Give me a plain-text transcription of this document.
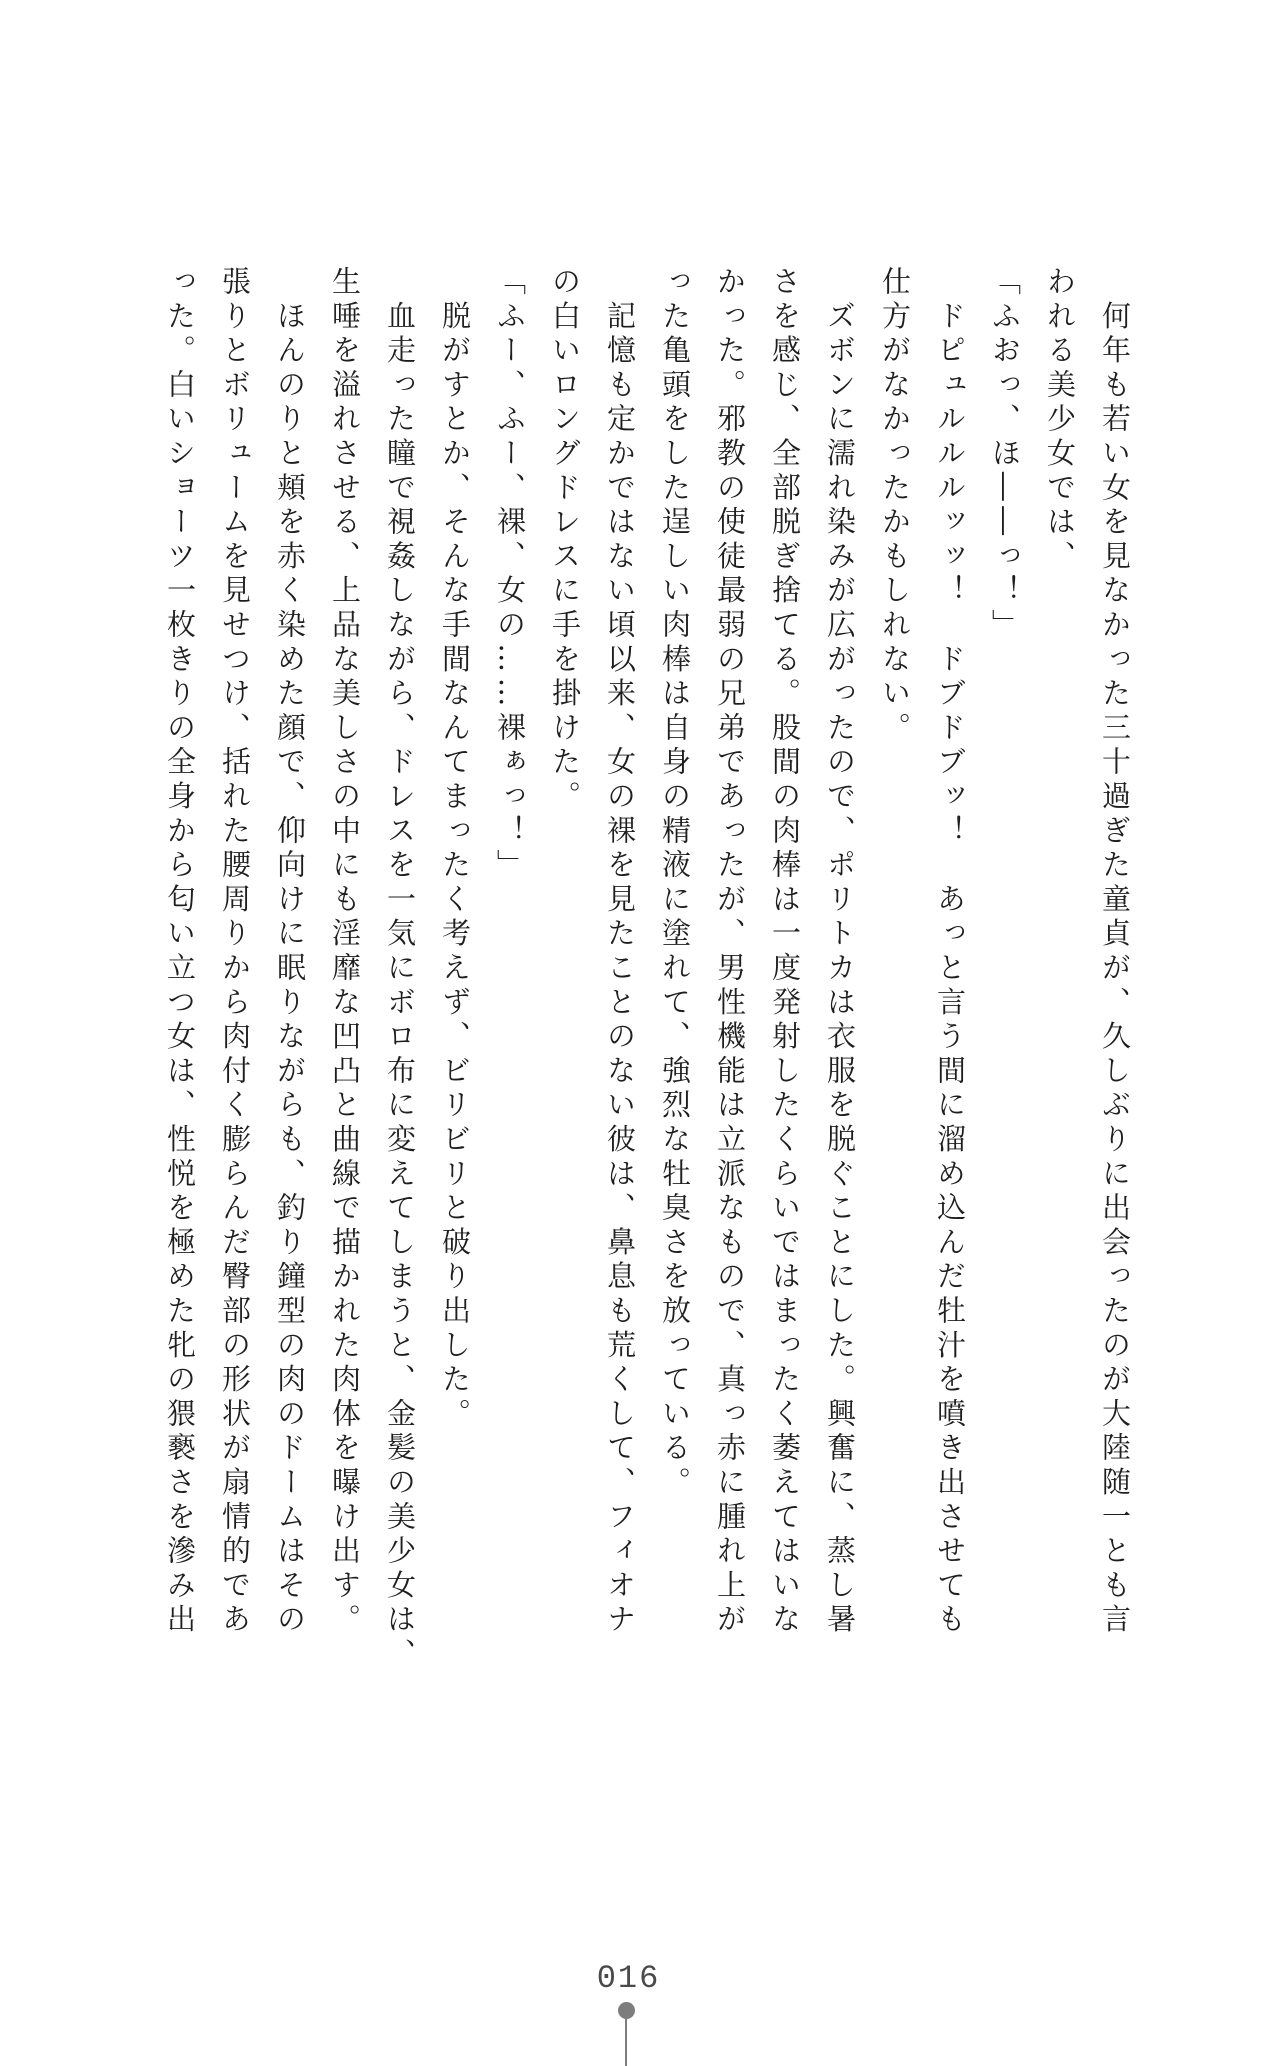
　何年も若い女を見なかった三十過ぎた童貞が、久しぶりに出会ったのが大陸随一とも言
われる美少女では、
「ふおっ、ほ――っ！」
　ドピュルルルッッ！　ドブドブッ！　あっと言う間に溜め込んだ牡汁を噴き出させても
仕方がなかったかもしれない。
　ズボンに濡れ染みが広がったので、ポリトカは衣服を脱ぐことにした。興奮に、蒸し暑
さを感じ、全部脱ぎ捨てる。股間の肉棒は一度発射したくらいではまったく萎えてはいな
かった。邪教の使徒最弱の兄弟であったが、男性機能は立派なもので、真っ赤に腫れ上が
った亀頭をした逞しい肉棒は自身の精液に塗れて、強烈な牡臭さを放っている。
　記憶も定かではない頃以来、女の裸を見たことのない彼は、鼻息も荒くして、フィオナ
の白いロングドレスに手を掛けた。
「ふー、ふー、裸、女の……裸ぁっ！」
　脱がすとか、そんな手間なんてまったく考えず、ビリビリと破り出した。
　血走った瞳で視姦しながら、ドレスを一気にボロ布に変えてしまうと、金髪の美少女は、
生唾を溢れさせる、上品な美しさの中にも淫靡な凹凸と曲線で描かれた肉体を曝け出す。
　ほんのりと頬を赤く染めた顔で、仰向けに眠りながらも、釣り鐘型の肉のドームはその
張りとボリュームを見せつけ、括れた腰周りから肉付く膨らんだ臀部の形状が扇情的であ
った。白いショーツ一枚きりの全身から匂い立つ女は、性悦を極めた牝の猥褻さを滲み出
016
